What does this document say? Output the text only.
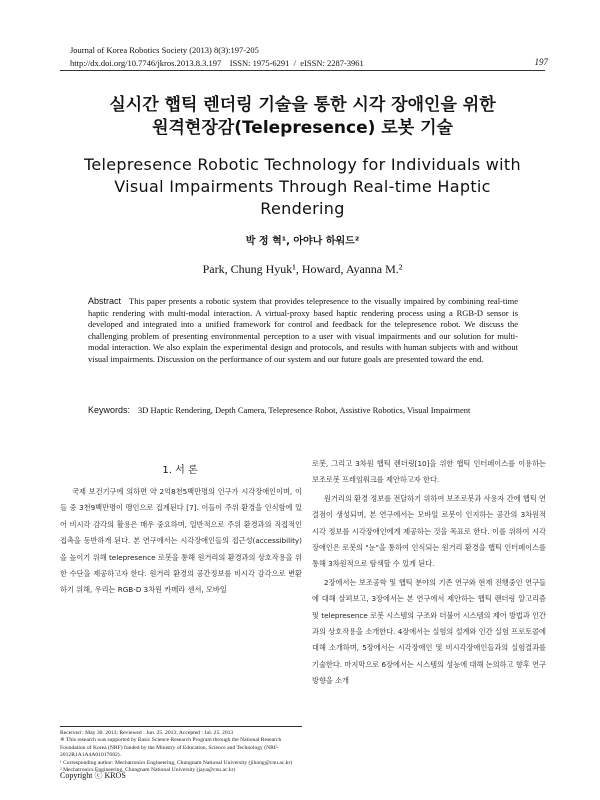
Journal of Korea Robotics Society (2013) 8(3):197-205
http://dx.doi.org/10.7746/jkros.2013.8.3.197    ISSN: 1975-6291  /  eISSN: 2287-3961	197
실시간 햅틱 렌더링 기술을 통한 시각 장애인을 위한
원격현장감(Telepresence) 로봇 기술
Telepresence Robotic Technology for Individuals with
Visual Impairments Through Real-time Haptic
Rendering
박 정 혁¹, 아야나 하워드²
Park, Chung Hyuk¹, Howard, Ayanna M.²
Abstract This paper presents a robotic system that provides telepresence to the visually impaired by combining real-time haptic rendering with multi-modal interaction. A virtual-proxy based haptic rendering process using a RGB-D sensor is developed and integrated into a unified framework for control and feedback for the telepresence robot. We discuss the challenging problem of presenting environmental perception to a user with visual impairments and our solution for multi-modal interaction. We also explain the experimental design and protocols, and results with human subjects with and without visual impairments. Discussion on the performance of our system and our future goals are presented toward the end.
Keywords: 3D Haptic Rendering, Depth Camera, Telepresence Robot, Assistive Robotics, Visual Impairment
1. 서 론

국제 보건기구에 의하면 약 2억8천5백만명의 인구가 시각장애인이며, 이들 중 3천9백만명이 맹인으로 집계된다 [7]. 이들이 주위 환경을 인식함에 있어 비시각 감각의 활용은 매우 중요하며, 일반적으로 주위 환경과의 직접적인 접촉을 동반하게 된다. 본 연구에서는 시각장애인들의 접근성(accessibility)을 높이기 위해 telepresence 로봇을 통해 원거리의 환경과의 상호작용을 위한 수단을 제공하고자 한다. 원거리 환경의 공간정보를 비시각 감각으로 변환하기 위해, 우리는 RGB-D 3차원 카메라 센서, 모바일

로봇, 그리고 3차원 햅틱 렌더링[10]을 위한 햅틱 인터페이스를 이용하는 보조로봇 프레임워크를 제안하고자 한다.

원거리의 환경 정보를 전달하기 위하여 보조로봇과 사용자 간에 햅틱 연결점이 생성되며, 본 연구에서는 모바일 로봇이 인지하는 공간의 3차원적 시각 정보를 시각장애인에게 제공하는 것을 목표로 한다. 이를 위하여 시각장애인은 로봇의 "눈"을 통하여 인식되는 원거리 환경을 햅틱 인터페이스를 통해 3차원적으로 탐색할 수 있게 된다.

2장에서는 보조공학 및 햅틱 분야의 기존 연구와 현재 진행중인 연구들에 대해 살펴보고, 3장에서는 본 연구에서 제안하는 햅틱 렌더링 알고리즘 및 telepresence 로봇 시스템의 구조와 더불어 시스템의 제어 방법과 인간과의 상호작용을 소개한다. 4장에서는 실험의 설계와 인간 실험 프로토콜에 대해 소개하며, 5장에서는 시각장애인 및 비시각장애인들과의 실험결과를 기술한다. 마지막으로 6장에서는 시스템의 성능에 대해 논의하고 향후 연구방향을 소개

Received : May 30. 2013; Reviewed : Jun. 25. 2013; Accepted : Jul. 25. 2013
※ This research was supported by Basic Science Research Program through the National Research Foundation of Korea (NRF) funded by the Ministry of Education, Science and Technology (NRF-2012R1A1A4A01017682).
¹ Corresponding author: Mechatronics Engineering, Chungnam National University (jihong@cnu.ac.kr)
² Mechatronics Engineering, Chungnam National University (jaya@cnu.ac.kr)
Copyright ⓒ KROS
